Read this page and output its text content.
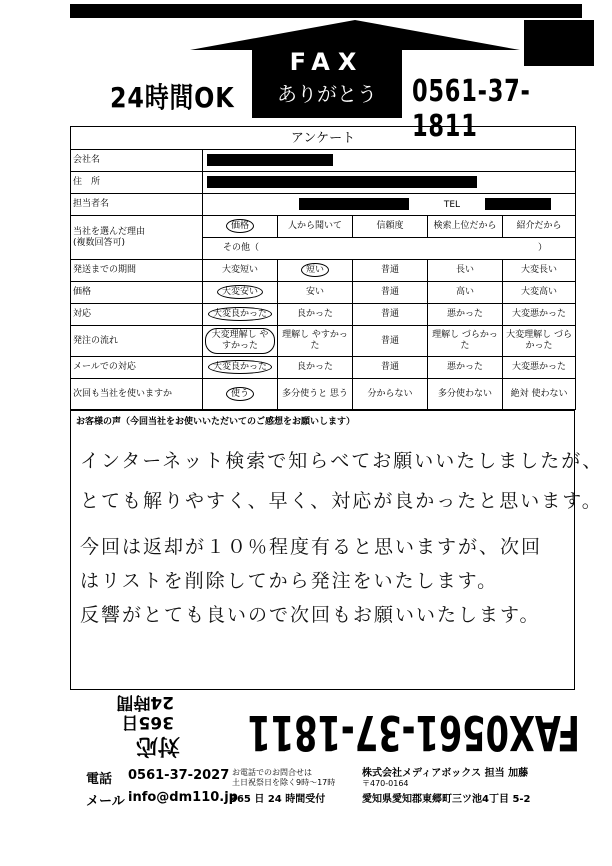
FAX
ありがとう
24時間OK	0561-37-1811
アンケート					
会社名					
住　所					
担当者名	TEL				
当社を選んだ理由
(複数回答可)	価格	人から聞いて	信頼度	検索上位だから	紹介だから
	その他（ ）				

発送までの期間	大変短い	短い	普通	長い	大変長い
価格	大変安い	安い	普通	高い	大変高い
対応	大変良かった	良かった	普通	悪かった	大変悪かった
発注の流れ	大変理解し やすかった	理解し やすかった	普通	理解し づらかった	大変理解し づらかった
メールでの対応	大変良かった	良かった	普通	悪かった	大変悪かった
次回も当社を使いますか	使う	多分使うと 思う	分からない	多分使わない	絶対 使わない
お客様の声（今回当社をお使いいただいてのご感想をお願いします）
インターネット検索で知らべてお願いいたしましたが、
とても解りやすく、早く、対応が良かったと思います。
今回は返却が１０％程度有ると思いますが、次回
はリストを削除してから発注をいたします。
反響がとても良いので次回もお願いいたします。
FAX0561-37-1811
対応 365日
24時間
電話 0561-37-2027
メール info@dm110.jp
お電話でのお問合せは
土日祝祭日を除く9時〜17時
365 日 24 時間受付
株式会社メディアボックス 担当 加藤
〒470-0164
愛知県愛知郡東郷町三ツ池4丁目 5-2
